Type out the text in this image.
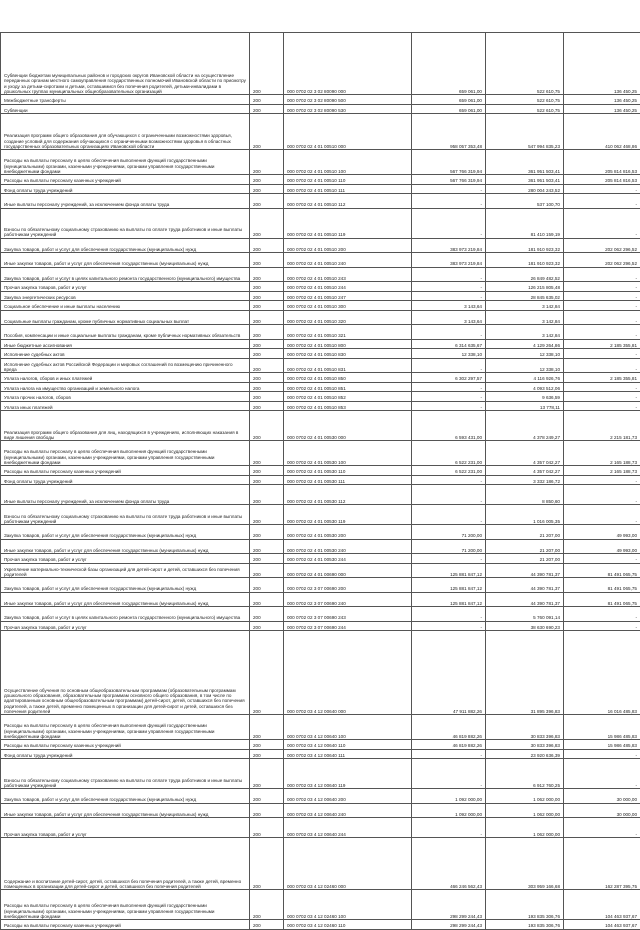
Субвенции бюджетам муниципальных районов и городских округов Ивановской области на осуществление переданных органам местного самоуправления государственных полномочий Ивановской области по присмотру и уходу за детьми-сиротами и детьми, оставшимися без попечения родителей, детьми-инвалидами в дошкольных группах муниципальных общеобразовательных организаций	200	000 0702 02 3 02 80090 000	659 061,00	522 610,75	136 450,25
Межбюджетные трансферты	200	000 0702 02 3 02 80090 500	659 061,00	522 610,75	136 450,25
Субвенции	200	000 0702 02 3 02 80090 530	659 061,00	522 610,75	136 450,25
Реализация программ общего образования для обучающихся с ограниченными возможностями здоровья, создание условий для содержания обучающихся с ограниченными возможностями здоровья в областных государственных образовательных организациях Ивановской области	200	000 0702 02 4 01 00510 000	958 057 353,48	547 994 835,23	410 062 468,86
Расходы на выплаты персоналу в целях обеспечения выполнения функций государственными (муниципальными) органами, казенными учреждениями, органами управления государственными внебюджетными фондами	200	000 0702 02 4 01 00510 100	567 766 319,94	361 951 503,41	205 814 816,53
Расходы на выплаты персоналу казенных учреждений	200	000 0702 02 4 01 00510 110	567 766 319,94	361 951 503,41	205 814 816,53
Фонд оплаты труда учреждений	200	000 0702 02 4 01 00510 111	-	280 004 243,52	-
Иные выплаты персоналу учреждений, за исключением фонда оплаты труда	200	000 0702 02 4 01 00510 112	-	537 100,70	-
Взносы по обязательному социальному страхованию на выплаты по оплате труда работников и иные выплаты работникам учреждений	200	000 0702 02 4 01 00510 119	-	81 410 159,19	-
Закупка товаров, работ и услуг для обеспечения государственных (муниципальных) нужд	200	000 0702 02 4 01 00510 200	383 973 219,84	181 910 923,32	202 062 296,52
Иные закупки товаров, работ и услуг для обеспечения государственных (муниципальных) нужд	200	000 0702 02 4 01 00510 240	383 973 219,84	181 910 923,32	202 062 296,52
Закупка товаров, работ и услуг в целях капитального ремонта государственного (муниципального) имущества	200	000 0702 02 4 01 00510 243	-	26 849 482,52	-
Прочая закупка товаров, работ и услуг	200	000 0702 02 4 01 00510 244	-	126 215 805,48	-
Закупка энергетических ресурсов	200	000 0702 02 4 01 00510 247	-	28 845 635,02	-
Социальное обеспечение и иные выплаты населению	200	000 0702 02 4 01 00510 300	3 143,64	3 142,84	-
Социальные выплаты гражданам, кроме публичных нормативных социальных выплат	200	000 0702 02 4 01 00510 320	3 143,64	3 142,84	-
Пособия, компенсации и иные социальные выплаты гражданам, кроме публичных нормативных обязательств	200	000 0702 02 4 01 00510 321	-	3 142,84	-
Иные бюджетные ассигнования	200	000 0702 02 4 01 00510 800	6 314 635,67	4 129 264,86	2 185 355,81
Исполнение судебных актов	200	000 0702 02 4 01 00510 830	12 338,10	12 338,10	-
Исполнение судебных актов Российской Федерации и мировых соглашений по возмещению причиненного вреда	200	000 0702 02 4 01 00510 831	-	12 338,10	-
Уплата налогов, сборов и иных платежей	200	000 0702 02 4 01 00510 850	6 302 297,57	4 116 926,76	2 185 355,81
Уплата налога на имущество организаций и земельного налога	200	000 0702 02 4 01 00510 851	-	4 093 512,06	-
Уплата прочих налогов, сборов	200	000 0702 02 4 01 00510 852	-	9 636,59	-
Уплата иных платежей	200	000 0702 02 4 01 00510 853	-	13 778,11	-
Реализация программ общего образования для лиц, находящихся в учреждениях, исполняющих наказания в виде лишения свободы	200	000 0702 02 4 01 00530 000	6 593 431,00	4 378 249,27	2 215 181,73
Расходы на выплаты персоналу в целях обеспечения выполнения функций государственными (муниципальными) органами, казенными учреждениями, органами управления государственными внебюджетными фондами	200	000 0702 02 4 01 00530 100	6 522 231,00	4 357 042,27	2 165 188,73
Расходы на выплаты персоналу казенных учреждений	200	000 0702 02 4 01 00530 110	6 522 231,00	4 357 042,27	2 165 188,73
Фонд оплаты труда учреждений	200	000 0702 02 4 01 00530 111	-	3 332 186,72	-
Иные выплаты персоналу учреждений, за исключением фонда оплаты труда	200	000 0702 02 4 01 00530 112	-	8 850,60	-
Взносы по обязательному социальному страхованию на выплаты по оплате труда работников и иные выплаты работникам учреждений	200	000 0702 02 4 01 00530 119	-	1 016 005,35	-
Закупка товаров, работ и услуг для обеспечения государственных (муниципальных) нужд	200	000 0702 02 4 01 00530 200	71 200,00	21 207,00	49 993,00
Иные закупки товаров, работ и услуг для обеспечения государственных (муниципальных) нужд	200	000 0702 02 4 01 00530 240	71 200,00	21 207,00	49 993,00
Прочая закупка товаров, работ и услуг	200	000 0702 02 4 01 00530 244	-	21 207,00	-
Укрепление материально-технической базы организаций для детей-сирот и детей, оставшихся без попечения родителей	200	000 0702 02 4 01 00690 000	125 881 847,12	44 390 781,37	81 491 065,75
Закупка товаров, работ и услуг для обеспечения государственных (муниципальных) нужд	200	000 0702 02 3 07 00690 200	125 881 847,12	44 390 781,37	81 491 065,75
Иные закупки товаров, работ и услуг для обеспечения государственных (муниципальных) нужд	200	000 0702 02 3 07 00690 240	125 881 847,12	44 390 781,37	81 491 065,75
Закупка товаров, работ и услуг в целях капитального ремонта государственного (муниципального) имущества	200	000 0702 02 3 07 00690 243	-	5 760 091,14	-
Прочая закупка товаров, работ и услуг	200	000 0702 02 3 07 00690 244	-	38 630 690,23	-
Осуществление обучения по основным общеобразовательным программам (образовательным программам дошкольного образования, образовательным программам основного общего образования, в том числе по адаптированным основным общеобразовательным программам) детей-сирот, детей, оставшихся без попечения родителей, а также детей, временно помещенных в организации для детей-сирот и детей, оставшихся без попечения родителей	200	000 0702 03 4 12 00640 000	47 911 882,26	31 895 396,83	16 016 485,83
Расходы на выплаты персоналу в целях обеспечения выполнения функций государственными (муниципальными) органами, казенными учреждениями, органами управления государственными внебюджетными фондами	200	000 0702 03 4 12 00640 100	46 819 882,26	30 833 396,83	15 986 485,83
Расходы на выплаты персоналу казенных учреждений	200	000 0702 03 4 12 00640 110	46 819 882,26	30 833 396,83	15 986 485,83
Фонд оплаты труда учреждений	200	000 0702 03 4 12 00640 111	-	23 920 636,39	-
Взносы по обязательному социальному страхованию на выплаты по оплате труда работников и иные выплаты работникам учреждений	200	000 0702 03 4 12 00640 119	-	6 912 760,25	-
Закупка товаров, работ и услуг для обеспечения государственных (муниципальных) нужд	200	000 0702 03 4 12 00640 200	1 092 000,00	1 062 000,00	30 000,00
Иные закупки товаров, работ и услуг для обеспечения государственных (муниципальных) нужд	200	000 0702 03 4 12 00640 240	1 092 000,00	1 062 000,00	30 000,00
Прочая закупка товаров, работ и услуг	200	000 0702 03 4 12 00640 244	-	1 062 000,00	-
Содержание и воспитание детей-сирот, детей, оставшихся без попечения родителей, а также детей, временно помещенных в организации для детей-сирот и детей, оставшихся без попечения родителей	200	000 0702 03 4 12 02460 000	466 246 562,43	303 959 166,68	162 287 395,75
Расходы на выплаты персоналу в целях обеспечения выполнения функций государственными (муниципальными) органами, казенными учреждениями, органами управления государственными внебюджетными фондами	200	000 0702 03 4 12 02460 100	298 299 244,43	193 835 306,76	104 463 937,67
Расходы на выплаты персоналу казенных учреждений	200	000 0702 03 4 12 02460 110	298 299 244,43	193 835 306,76	104 463 937,67
